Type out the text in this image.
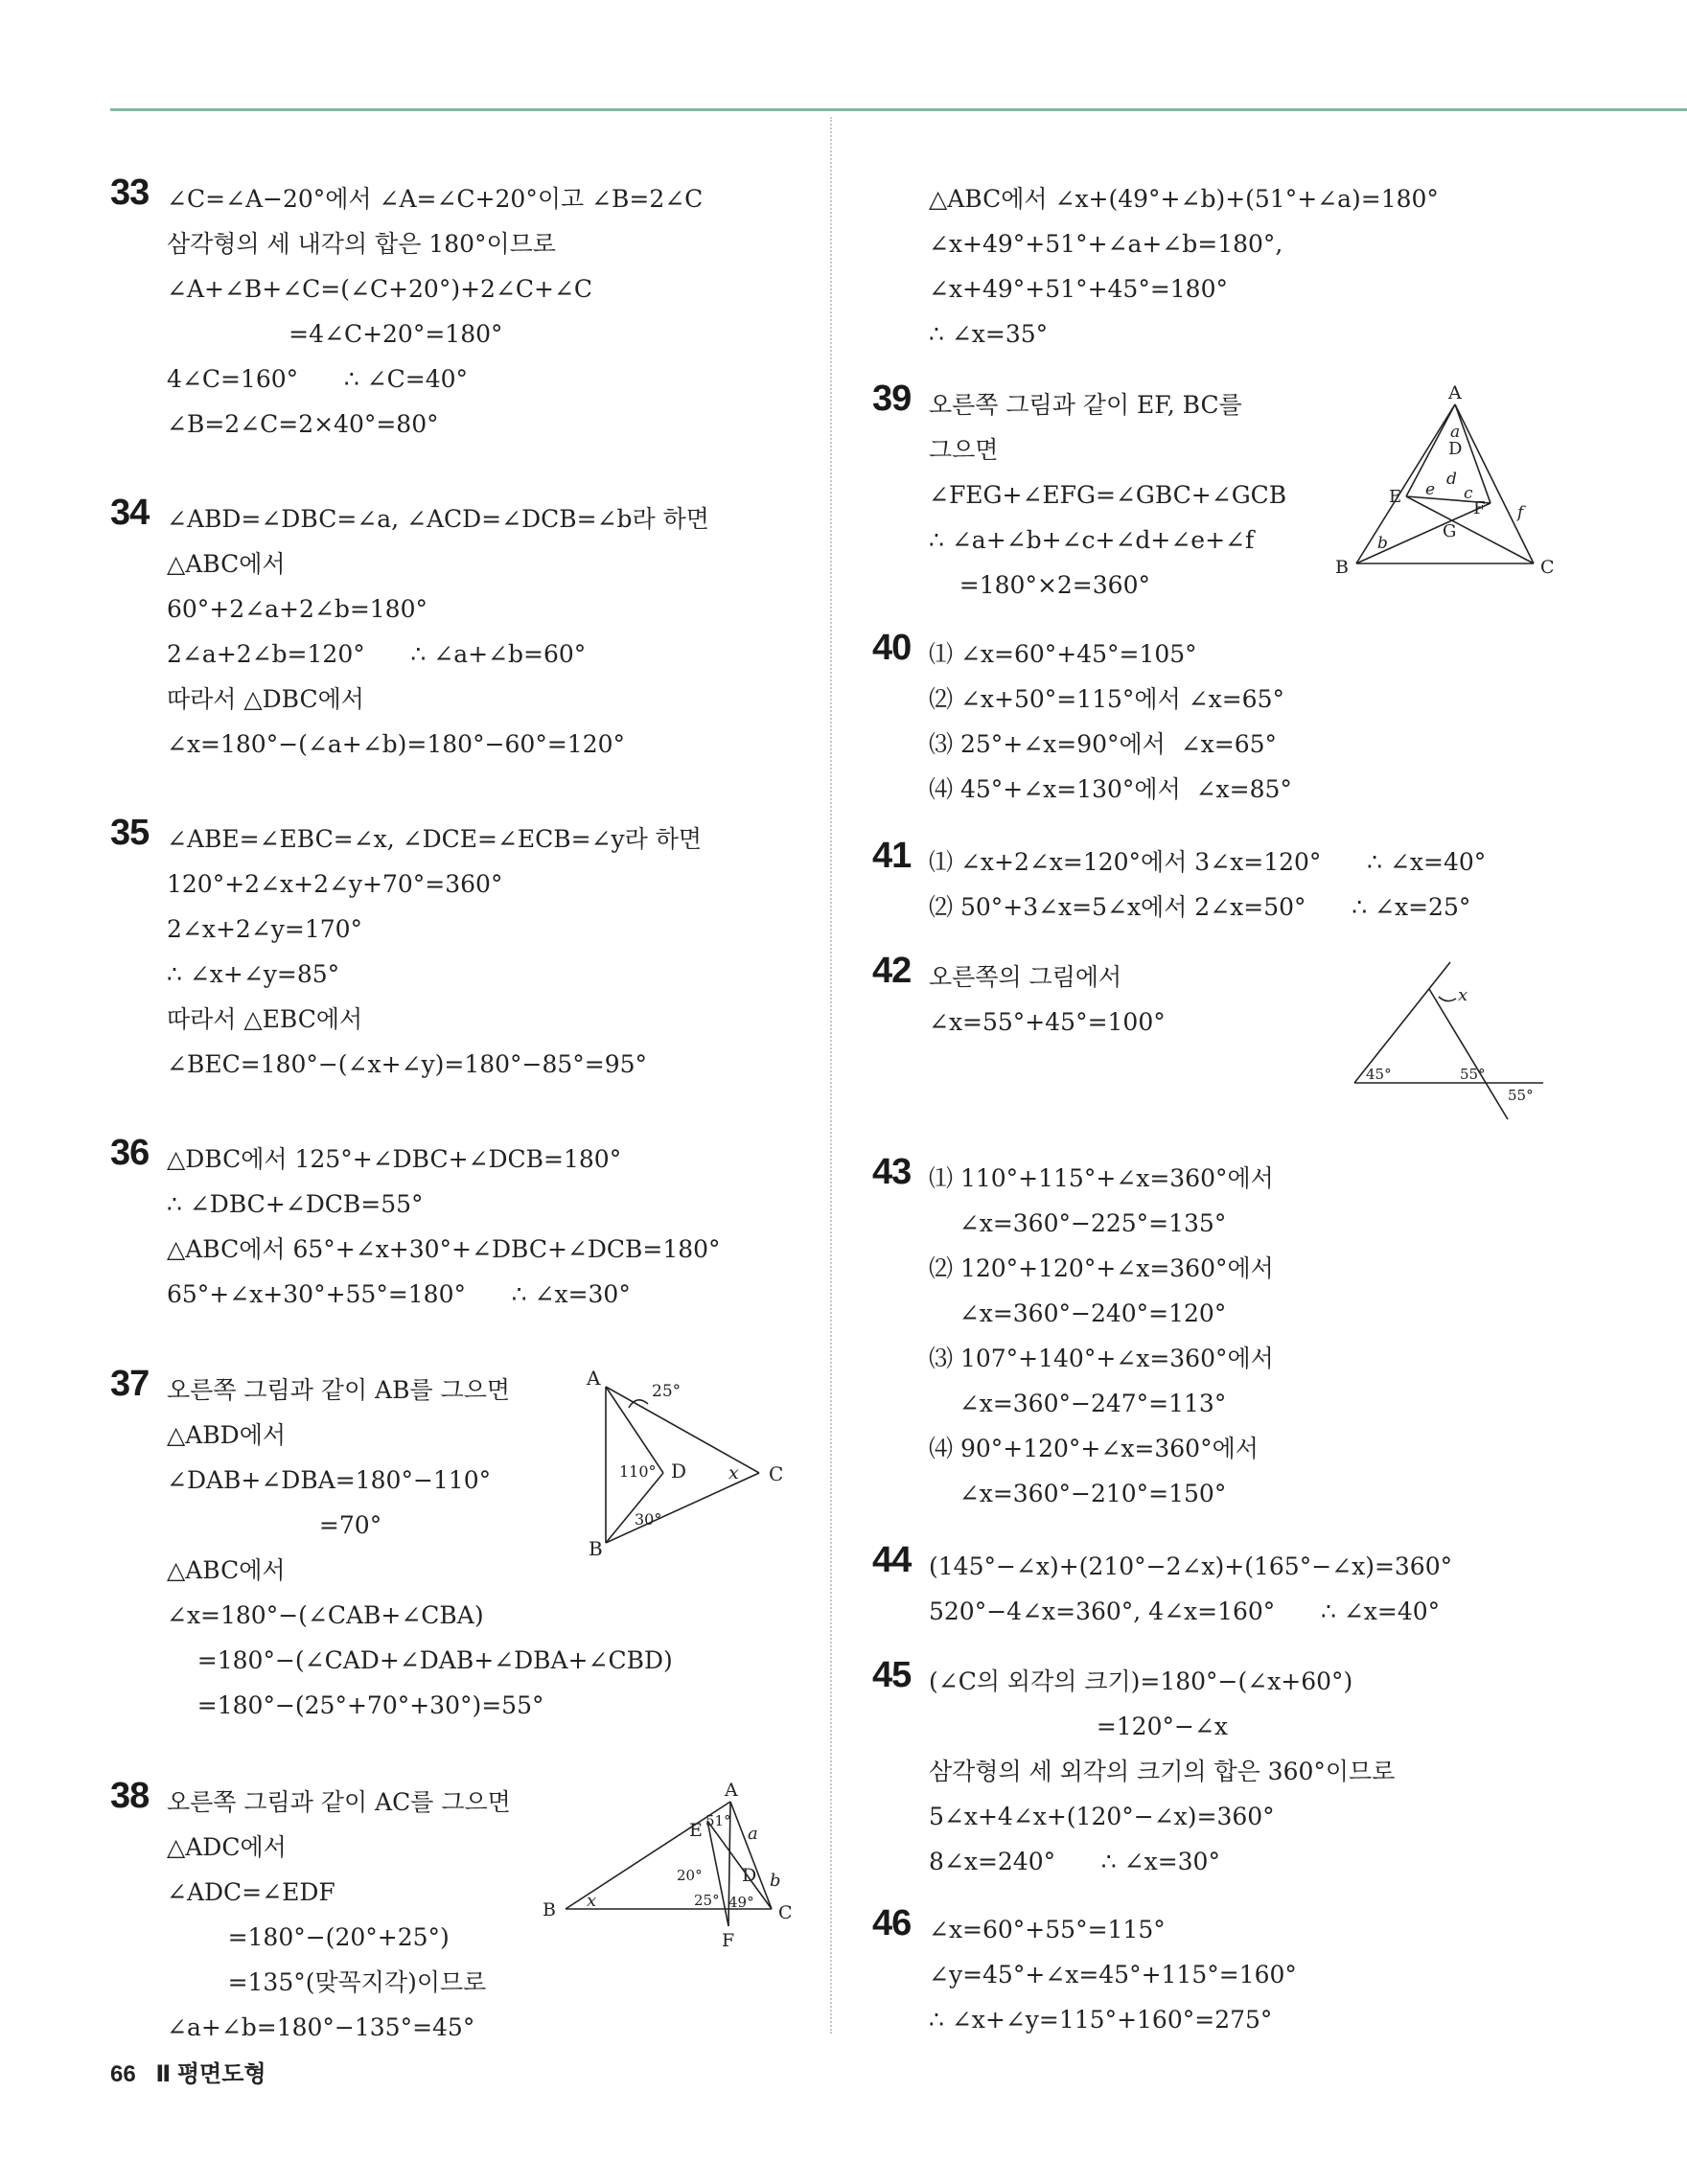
33 ∠C=∠A−20°에서 ∠A=∠C+20°이고 ∠B=2∠C
삼각형의 세 내각의 합은 180°이므로
∠A+∠B+∠C=(∠C+20°)+2∠C+∠C
=4∠C+20°=180°
4∠C=160°      ∴ ∠C=40°
∠B=2∠C=2×40°=80°
34 ∠ABD=∠DBC=∠a, ∠ACD=∠DCB=∠b라 하면
△ABC에서
60°+2∠a+2∠b=180°
2∠a+2∠b=120°      ∴ ∠a+∠b=60°
따라서 △DBC에서
∠x=180°−(∠a+∠b)=180°−60°=120°
35 ∠ABE=∠EBC=∠x, ∠DCE=∠ECB=∠y라 하면
120°+2∠x+2∠y+70°=360°
2∠x+2∠y=170°
∴ ∠x+∠y=85°
따라서 △EBC에서
∠BEC=180°−(∠x+∠y)=180°−85°=95°
36 △DBC에서 125°+∠DBC+∠DCB=180°
∴ ∠DBC+∠DCB=55°
△ABC에서 65°+∠x+30°+∠DBC+∠DCB=180°
65°+∠x+30°+55°=180°      ∴ ∠x=30°
37 오른쪽 그림과 같이 AB를 그으면
△ABD에서
∠DAB+∠DBA=180°−110°
=70°
△ABC에서
∠x=180°−(∠CAB+∠CBA)
=180°−(∠CAD+∠DAB+∠DBA+∠CBD)
=180°−(25°+70°+30°)=55°
38 오른쪽 그림과 같이 AC를 그으면
△ADC에서
∠ADC=∠EDF
=180°−(20°+25°)
=135°(맞꼭지각)이므로
∠a+∠b=180°−135°=45°
A
B
C
D
25°
110°
30°
x
A
B	C
D
E
F
51°
a
b
20°
25° 49°
x
△ABC에서 ∠x+(49°+∠b)+(51°+∠a)=180°
∠x+49°+51°+∠a+∠b=180°,
∠x+49°+51°+45°=180°
∴ ∠x=35°
39 오른쪽 그림과 같이 EF, BC를
그으면
∠FEG+∠EFG=∠GBC+∠GCB
∴ ∠a+∠b+∠c+∠d+∠e+∠f
=180°×2=360°
A
B	C
D
E
F
G
a
b
c
d
e
f
40 ⑴ ∠x=60°+45°=105°
⑵ ∠x+50°=115°에서 ∠x=65°
⑶ 25°+∠x=90°에서  ∠x=65°
⑷ 45°+∠x=130°에서  ∠x=85°
41 ⑴ ∠x+2∠x=120°에서 3∠x=120°      ∴ ∠x=40°
⑵ 50°+3∠x=5∠x에서 2∠x=50°      ∴ ∠x=25°
42 오른쪽의 그림에서
∠x=55°+45°=100°
x
45°	55°
55°
43 ⑴ 110°+115°+∠x=360°에서
∠x=360°−225°=135°
⑵ 120°+120°+∠x=360°에서
∠x=360°−240°=120°
⑶ 107°+140°+∠x=360°에서
∠x=360°−247°=113°
⑷ 90°+120°+∠x=360°에서
∠x=360°−210°=150°
44 (145°−∠x)+(210°−2∠x)+(165°−∠x)=360°
520°−4∠x=360°, 4∠x=160°      ∴ ∠x=40°
45 (∠C의 외각의 크기)=180°−(∠x+60°)
=120°−∠x
삼각형의 세 외각의 크기의 합은 360°이므로
5∠x+4∠x+(120°−∠x)=360°
8∠x=240°      ∴ ∠x=30°
46 ∠x=60°+55°=115°
∠y=45°+∠x=45°+115°=160°
∴ ∠x+∠y=115°+160°=275°
66 Ⅱ 평면도형
